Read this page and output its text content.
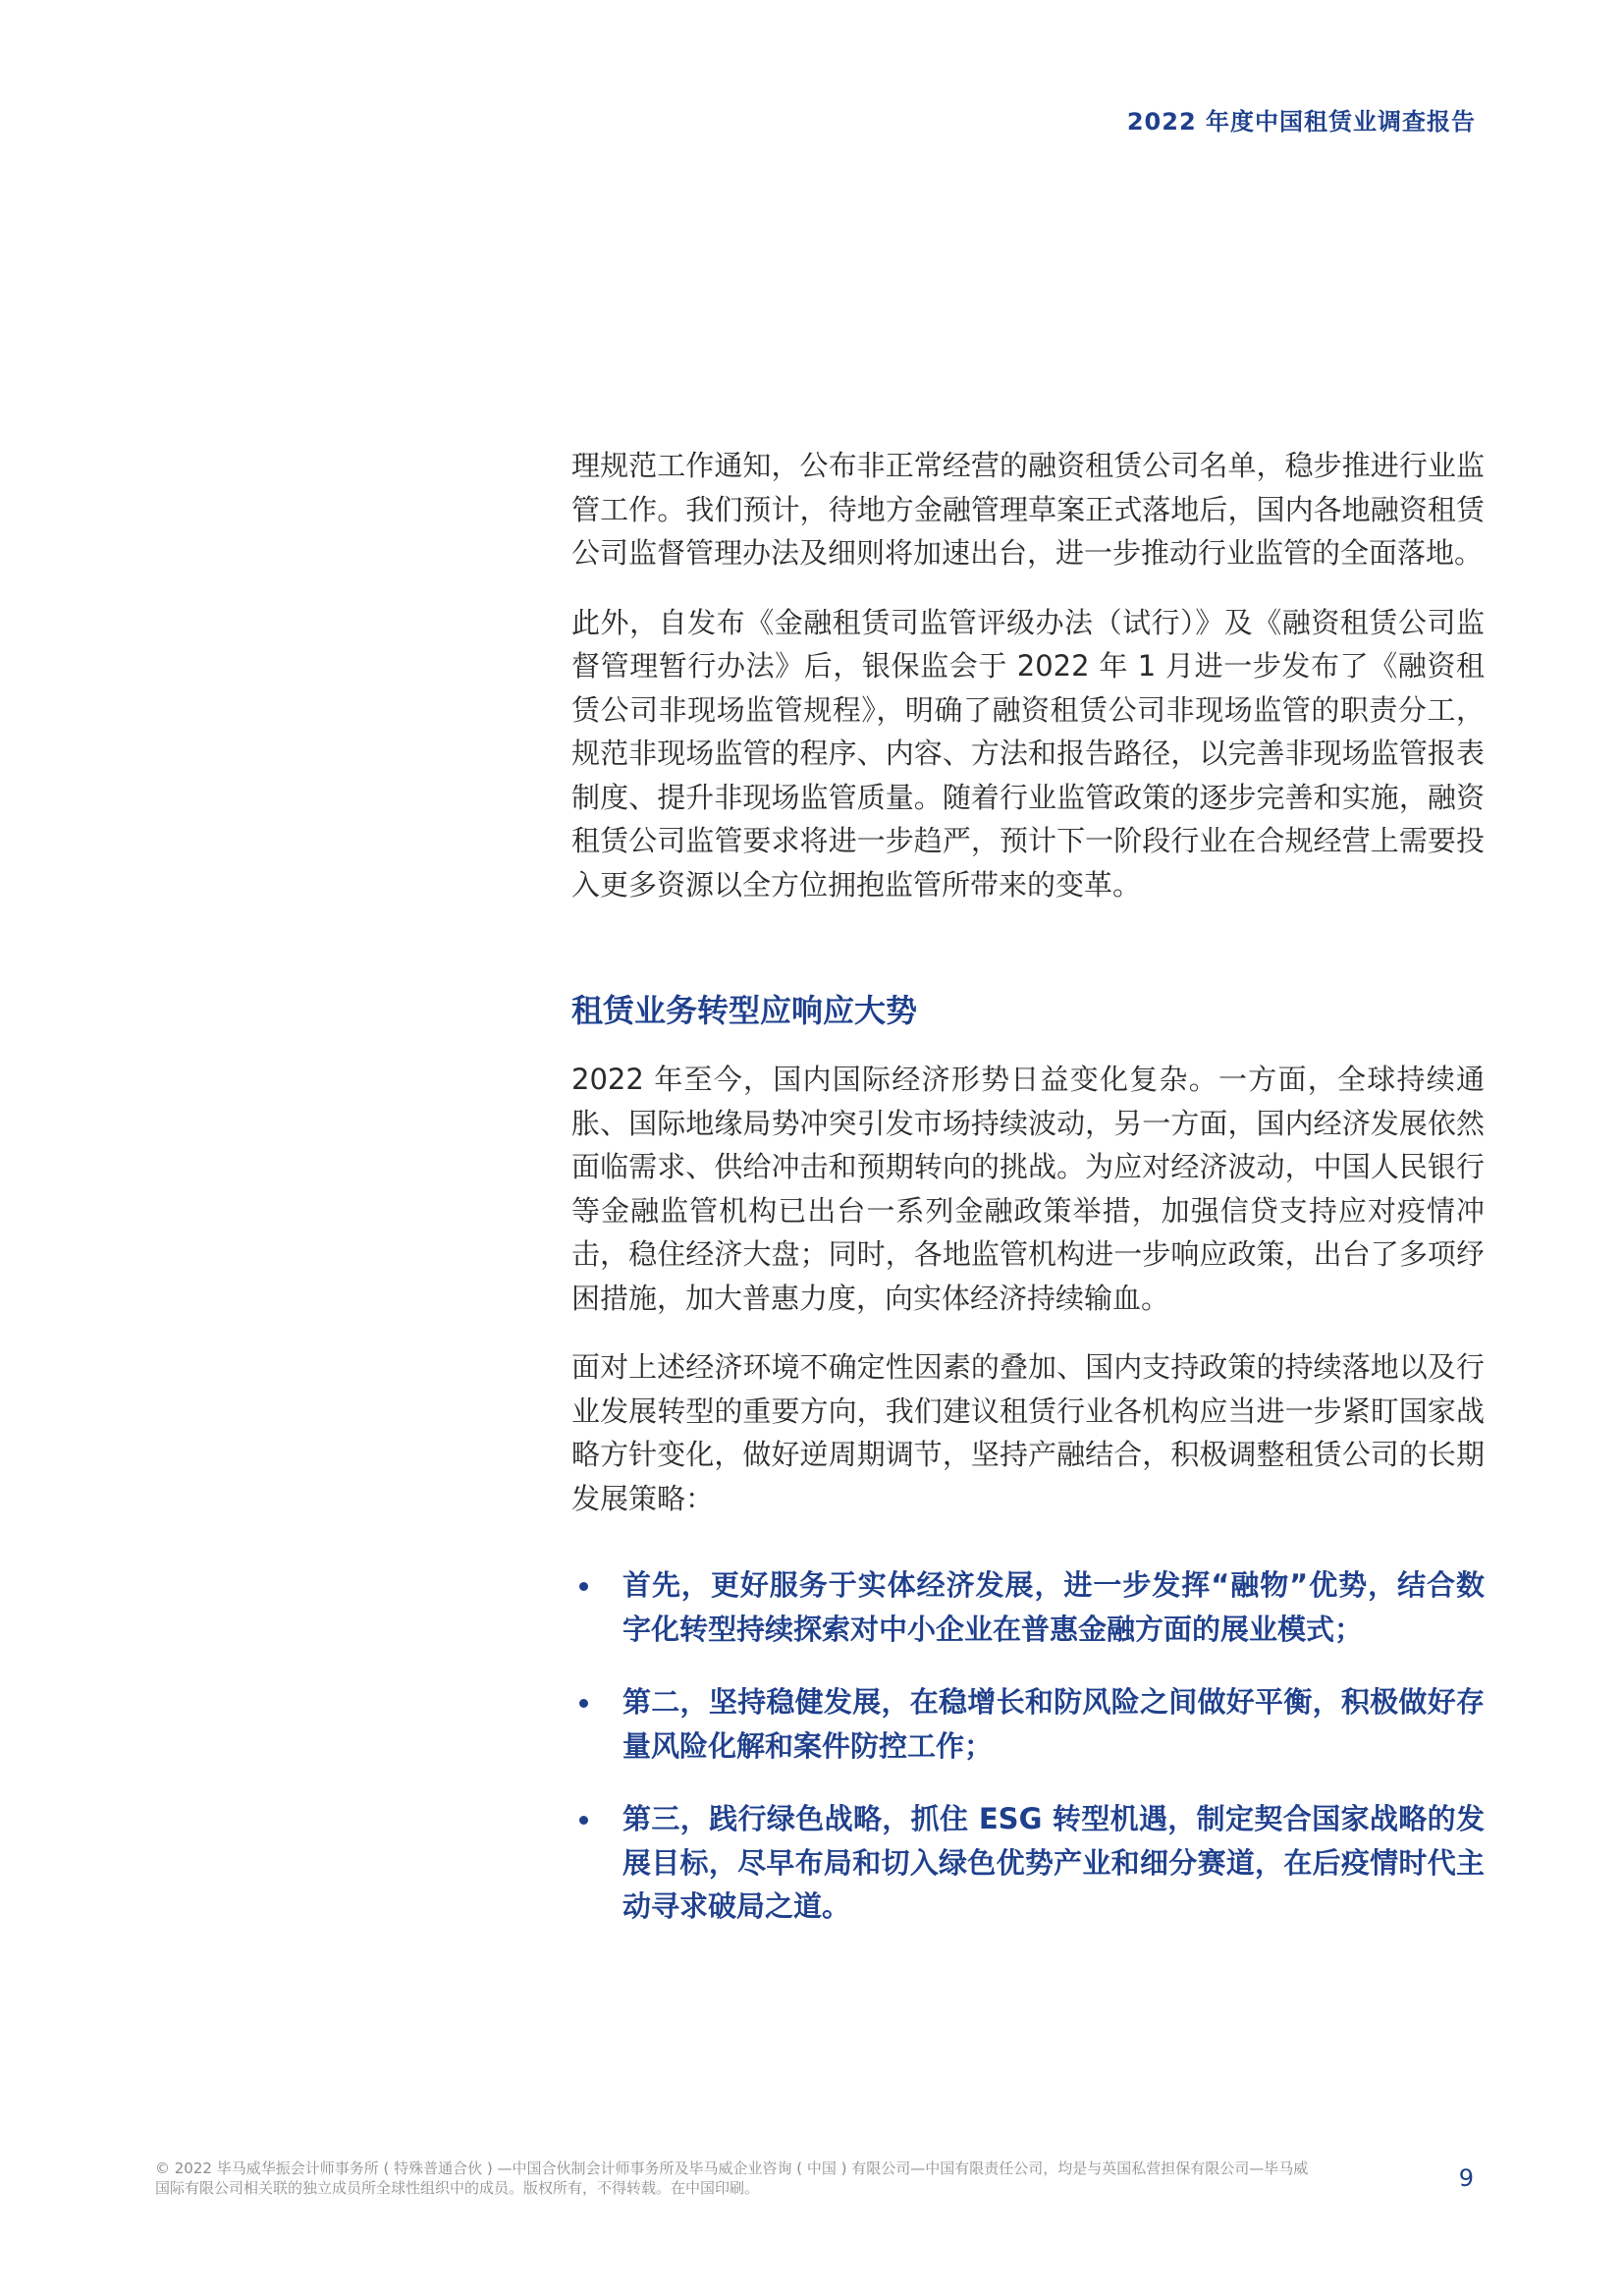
2022 年度中国租赁业调查报告

理规范工作通知，公布非正常经营的融资租赁公司名单，稳步推进行业监管工作。我们预计，待地方金融管理草案正式落地后，国内各地融资租赁公司监督管理办法及细则将加速出台，进一步推动行业监管的全面落地。

此外，自发布《金融租赁司监管评级办法（试行）》及《融资租赁公司监督管理暂行办法》后，银保监会于 2022 年 1 月进一步发布了《融资租赁公司非现场监管规程》，明确了融资租赁公司非现场监管的职责分工，规范非现场监管的程序、内容、方法和报告路径，以完善非现场监管报表制度、提升非现场监管质量。随着行业监管政策的逐步完善和实施，融资租赁公司监管要求将进一步趋严，预计下一阶段行业在合规经营上需要投入更多资源以全方位拥抱监管所带来的变革。

租赁业务转型应响应大势

2022 年至今，国内国际经济形势日益变化复杂。一方面，全球持续通胀、国际地缘局势冲突引发市场持续波动，另一方面，国内经济发展依然面临需求、供给冲击和预期转向的挑战。为应对经济波动，中国人民银行等金融监管机构已出台一系列金融政策举措，加强信贷支持应对疫情冲击，稳住经济大盘；同时，各地监管机构进一步响应政策，出台了多项纾困措施，加大普惠力度，向实体经济持续输血。

面对上述经济环境不确定性因素的叠加、国内支持政策的持续落地以及行业发展转型的重要方向，我们建议租赁行业各机构应当进一步紧盯国家战略方针变化，做好逆周期调节，坚持产融结合，积极调整租赁公司的长期发展策略：

首先，更好服务于实体经济发展，进一步发挥“融物”优势，结合数字化转型持续探索对中小企业在普惠金融方面的展业模式；
第二，坚持稳健发展，在稳增长和防风险之间做好平衡，积极做好存量风险化解和案件防控工作；
第三，践行绿色战略，抓住 ESG 转型机遇，制定契合国家战略的发展目标，尽早布局和切入绿色优势产业和细分赛道，在后疫情时代主动寻求破局之道。
© 2022 毕马威华振会计师事务所 ( 特殊普通合伙 ) —中国合伙制会计师事务所及毕马威企业咨询 ( 中国 ) 有限公司—中国有限责任公司，均是与英国私营担保有限公司—毕马威
国际有限公司相关联的独立成员所全球性组织中的成员。版权所有，不得转载。在中国印刷。	9
